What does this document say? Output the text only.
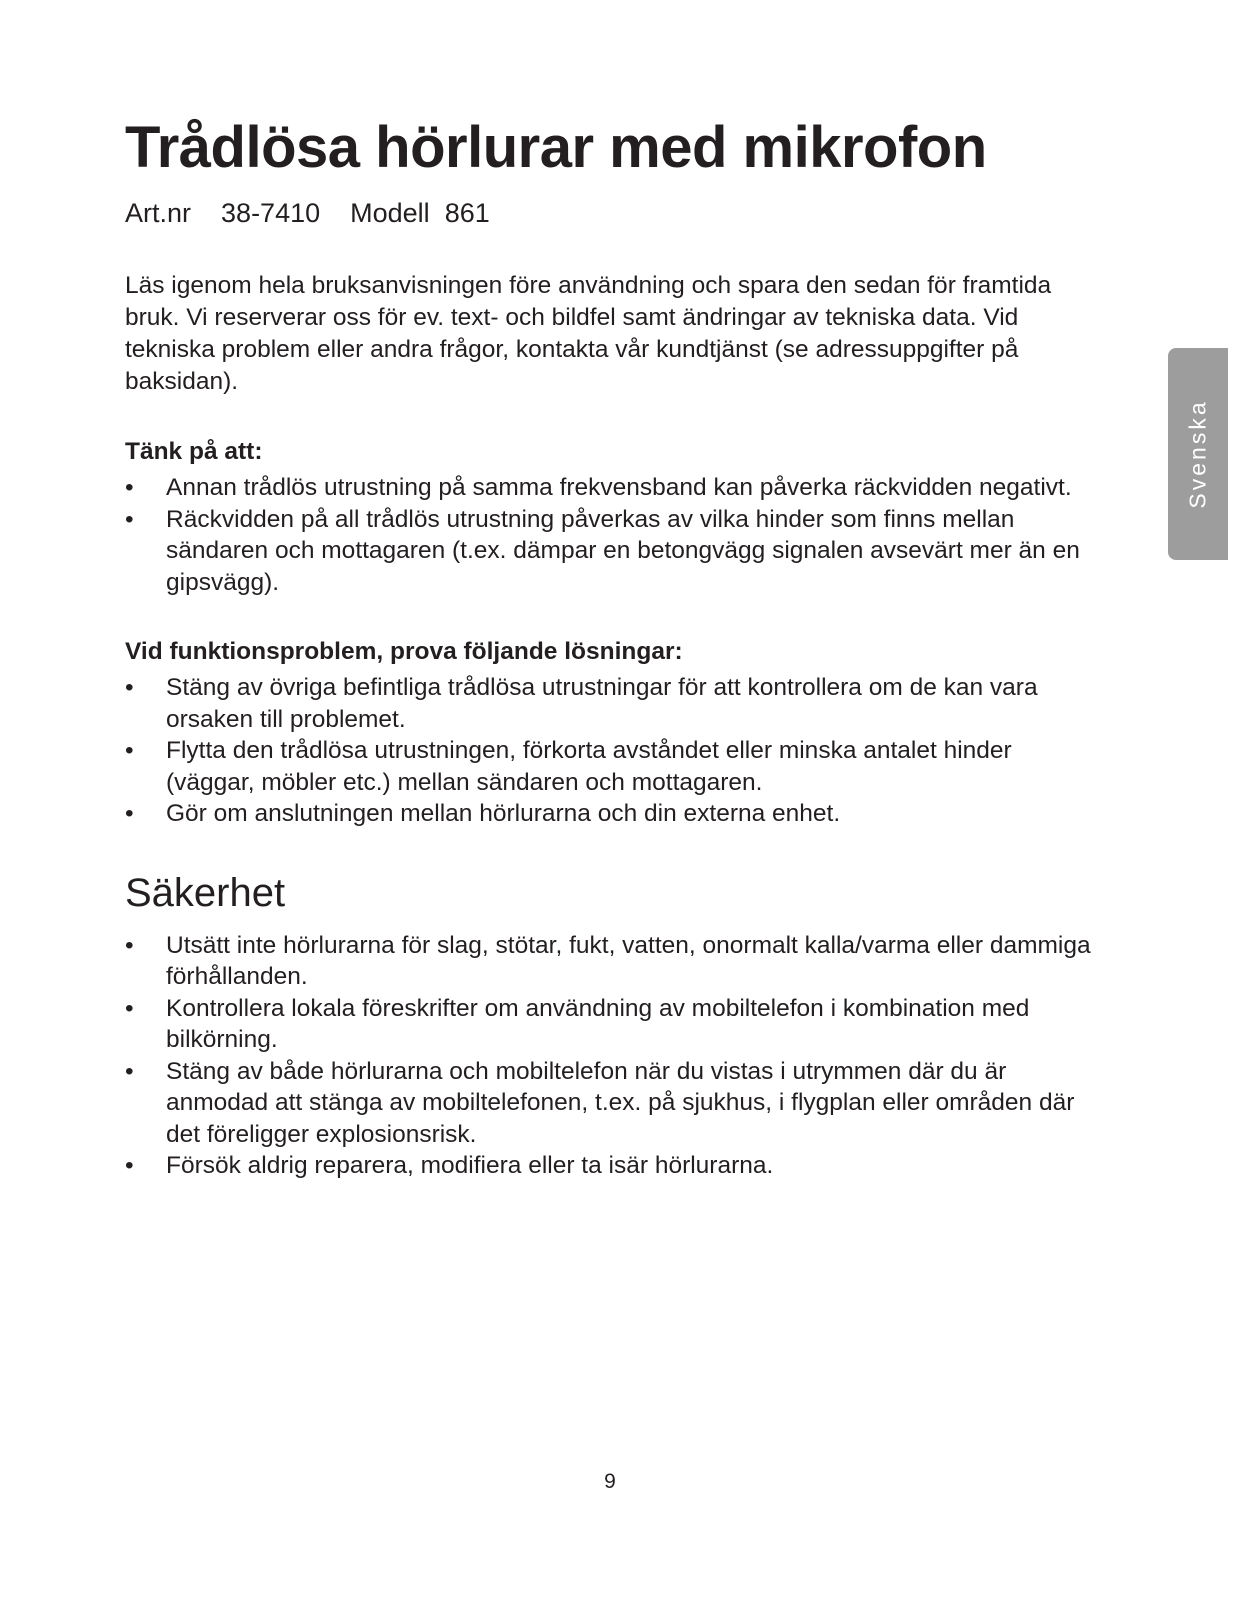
Svenska
Trådlösa hörlurar med mikrofon
Art.nr 38-7410 Modell 861

Läs igenom hela bruksanvisningen före användning och spara den sedan för framtida bruk. Vi reserverar oss för ev. text- och bildfel samt ändringar av tekniska data. Vid tekniska problem eller andra frågor, kontakta vår kundtjänst (se adressuppgifter på baksidan).

Tänk på att:
• Annan trådlös utrustning på samma frekvensband kan påverka räckvidden negativt.
• Räckvidden på all trådlös utrustning påverkas av vilka hinder som finns mellan sändaren och mottagaren (t.ex. dämpar en betongvägg signalen avsevärt mer än en gipsvägg).
Vid funktionsproblem, prova följande lösningar:
• Stäng av övriga befintliga trådlösa utrustningar för att kontrollera om de kan vara orsaken till problemet.
• Flytta den trådlösa utrustningen, förkorta avståndet eller minska antalet hinder (väggar, möbler etc.) mellan sändaren och mottagaren.
• Gör om anslutningen mellan hörlurarna och din externa enhet.
Säkerhet
• Utsätt inte hörlurarna för slag, stötar, fukt, vatten, onormalt kalla/varma eller dammiga förhållanden.
• Kontrollera lokala föreskrifter om användning av mobiltelefon i kombination med bilkörning.
• Stäng av både hörlurarna och mobiltelefon när du vistas i utrymmen där du är anmodad att stänga av mobiltelefonen, t.ex. på sjukhus, i flygplan eller områden där det föreligger explosionsrisk.
• Försök aldrig reparera, modifiera eller ta isär hörlurarna.
9
